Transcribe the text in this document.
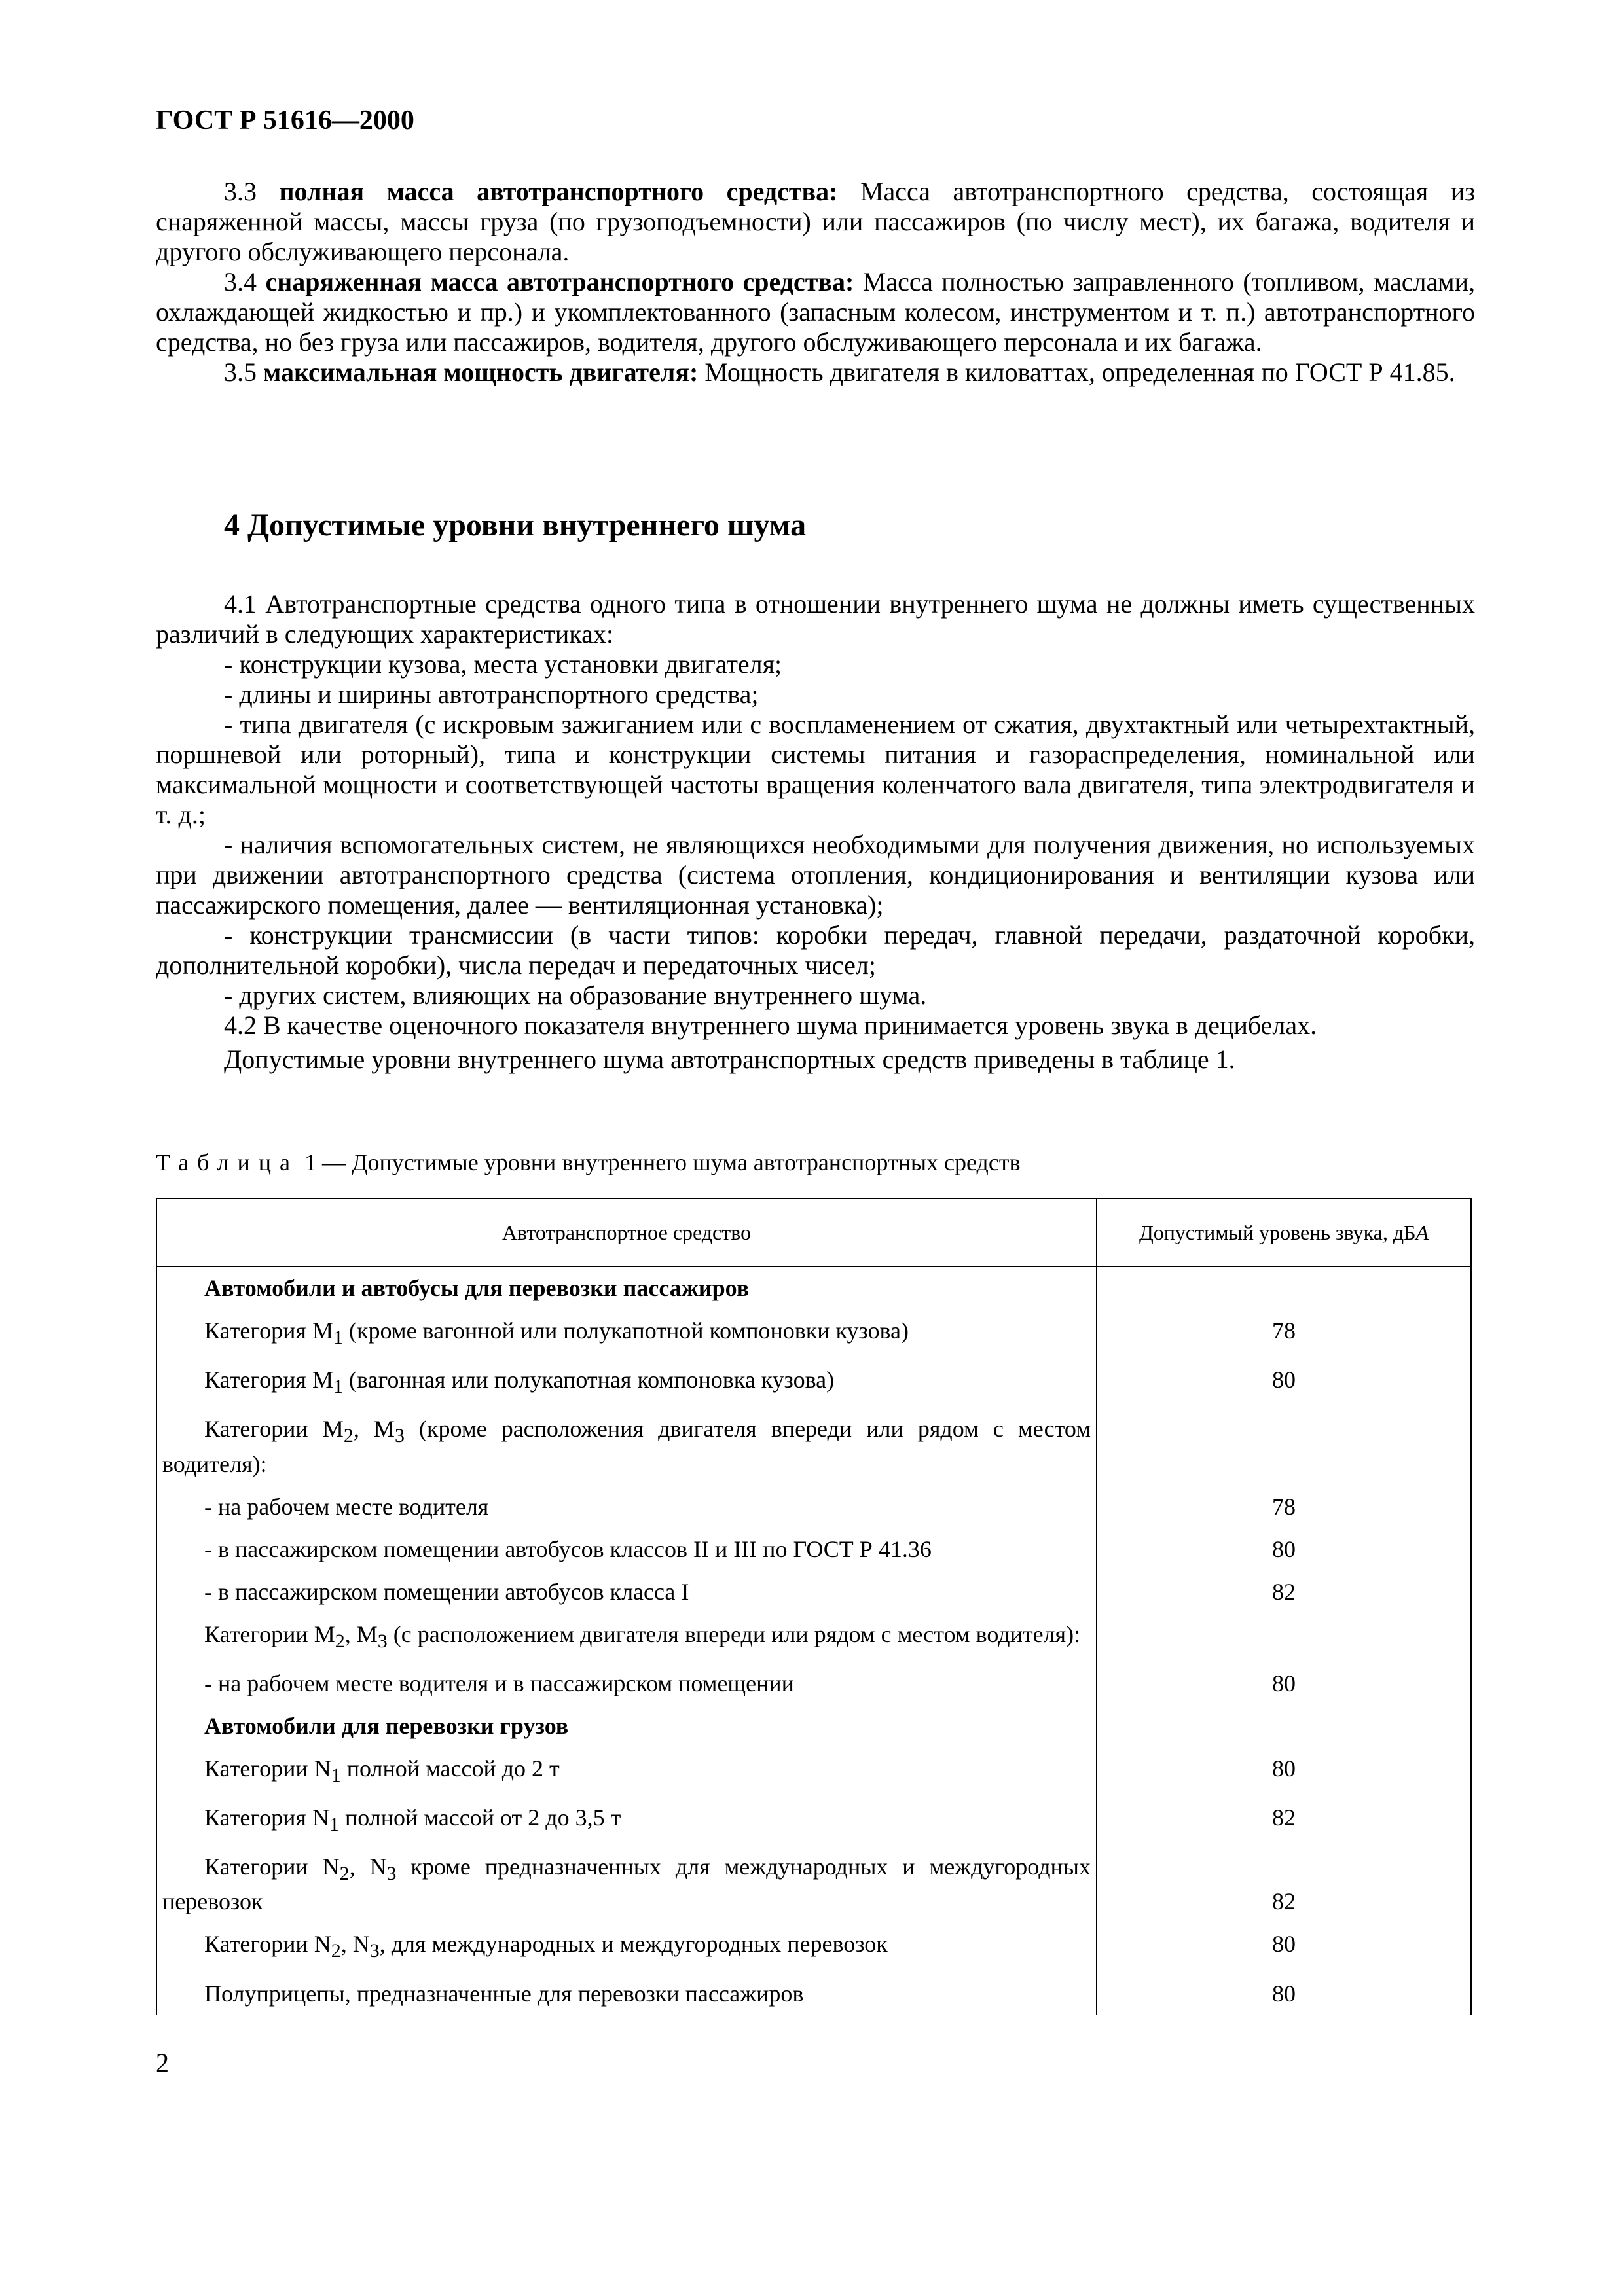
ГОСТ Р 51616—2000

3.3 полная масса автотранспортного средства: Масса автотранспортного средства, состоящая из снаряженной массы, массы груза (по грузоподъемности) или пассажиров (по числу мест), их багажа, водителя и другого обслуживающего персонала.

3.4 снаряженная масса автотранспортного средства: Масса полностью заправленного (топливом, маслами, охлаждающей жидкостью и пр.) и укомплектованного (запасным колесом, инструментом и т. п.) автотранспортного средства, но без груза или пассажиров, водителя, другого обслуживающего персонала и их багажа.

3.5 максимальная мощность двигателя: Мощность двигателя в киловаттах, определенная по ГОСТ Р 41.85.

4 Допустимые уровни внутреннего шума

4.1 Автотранспортные средства одного типа в отношении внутреннего шума не должны иметь существенных различий в следующих характеристиках:

- конструкции кузова, места установки двигателя;

- длины и ширины автотранспортного средства;

- типа двигателя (с искровым зажиганием или с воспламенением от сжатия, двухтактный или четырехтактный, поршневой или роторный), типа и конструкции системы питания и газораспределения, номинальной или максимальной мощности и соответствующей частоты вращения коленчатого вала двигателя, типа электродвигателя и т. д.;

- наличия вспомогательных систем, не являющихся необходимыми для получения движения, но используемых при движении автотранспортного средства (система отопления, кондиционирования и вентиляции кузова или пассажирского помещения, далее — вентиляционная установка);

- конструкции трансмиссии (в части типов: коробки передач, главной передачи, раздаточной коробки, дополнительной коробки), числа передач и передаточных чисел;

- других систем, влияющих на образование внутреннего шума.

4.2 В качестве оценочного показателя внутреннего шума принимается уровень звука в децибелах.

Допустимые уровни внутреннего шума автотранспортных средств приведены в таблице 1.

Таблица 1 — Допустимые уровни внутреннего шума автотранспортных средств
Автотранспортное средство	Допустимый уровень звука, дБА

Автомобили и автобусы для перевозки пассажиров	

Категория $M_1$ (кроме вагонной или полукапотной компоновки кузова)	78

Категория $M_1$ (вагонная или полукапотная компоновка кузова)	80

Категории $M_2$, $M_3$ (кроме расположения двигателя впереди или рядом с местом водителя):	

- на рабочем месте водителя	78

- в пассажирском помещении автобусов классов II и III по ГОСТ Р 41.36	80

- в пассажирском помещении автобусов класса I	82

Категории $M_2$, $M_3$ (с расположением двигателя впереди или рядом с местом водителя):	

- на рабочем месте водителя и в пассажирском помещении	80

Автомобили для перевозки грузов	

Категории $N_1$ полной массой до 2 т	80

Категория $N_1$ полной массой от 2 до 3,5 т	82

Категории $N_2$, $N_3$ кроме предназначенных для международных и междугородных перевозок	82

Категории $N_2$, $N_3$, для международных и междугородных перевозок	80

Полуприцепы, предназначенные для перевозки пассажиров	80
2
